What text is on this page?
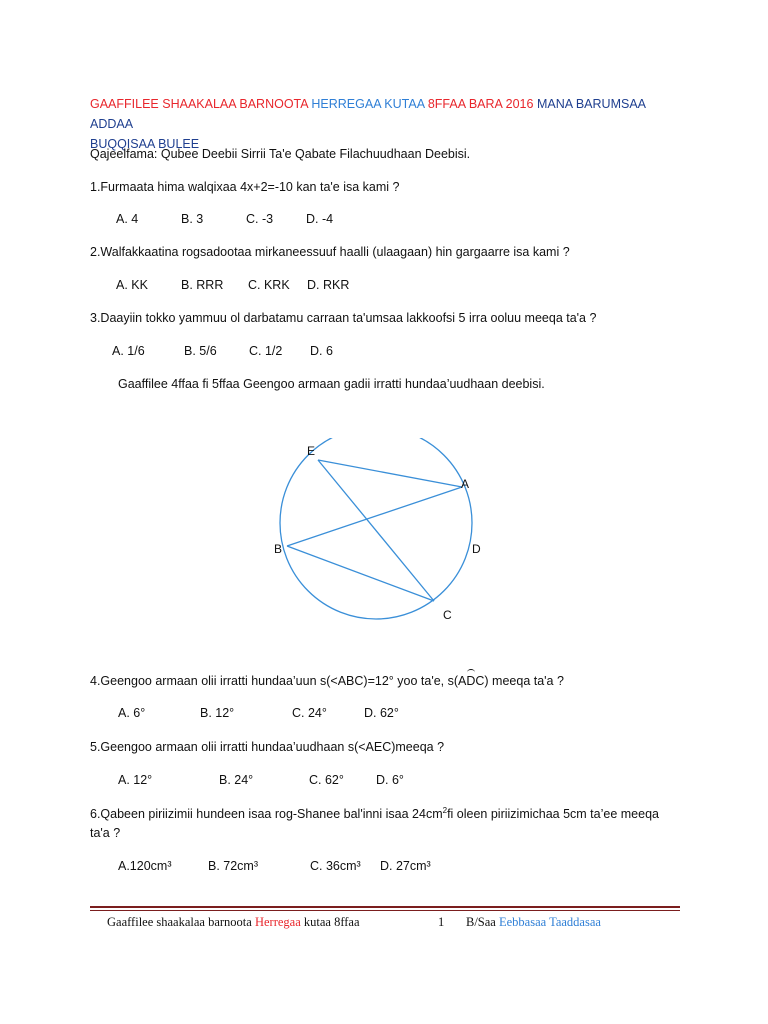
GAAFFILEE SHAAKALAA BARNOOTA HERREGAA KUTAA 8FFAA BARA 2016 MANA BARUMSAA ADDAA
BUQQISAA BULEE
Qajeelfama: Qubee Deebii Sirrii Ta'e Qabate Filachuudhaan Deebisi.
1.Furmaata hima walqixaa 4x+2=-10 kan ta'e isa kami ?
A. 4	B. 3	C. -3	D. -4
2.Walfakkaatina rogsadootaa mirkaneessuuf haalli (ulaagaan) hin gargaarre isa kami ?
A. KK	B. RRR C. KRK D. RKR
3.Daayiin tokko yammuu ol darbatamu carraan ta'umsaa lakkoofsi 5 irra ooluu meeqa ta'a ?
A. 1/6	B. 5/6	C. 1/2 D. 6
Gaaffilee 4ffaa fi 5ffaa Geengoo armaan gadii irratti hundaa’uudhaan deebisi.
E
A
B	D
C
4.Geengoo armaan olii irratti hundaa’uun s(<ABC)=12° yoo ta'e, s(
ADC) meeqa ta'a ?
A. 6°	B. 12°	C. 24°	D. 62°
5.Geengoo armaan olii irratti hundaa’uudhaan s(<AEC)meeqa ?
A. 12°	B. 24°	C. 62°	D. 6°
6.Qabeen piriizimii hundeen isaa rog-Shanee bal'inni isaa $24cm^2fi$ oleen piriizimichaa 5cm ta’ee meeqa
ta'a ?
A.120cm³	B. 72cm³	C. 36cm³ D. 27cm³
Gaaffilee shaakalaa barnoota Herregaa kutaa 8ffaa	1 B/Saa Eebbasaa Taaddasaa
